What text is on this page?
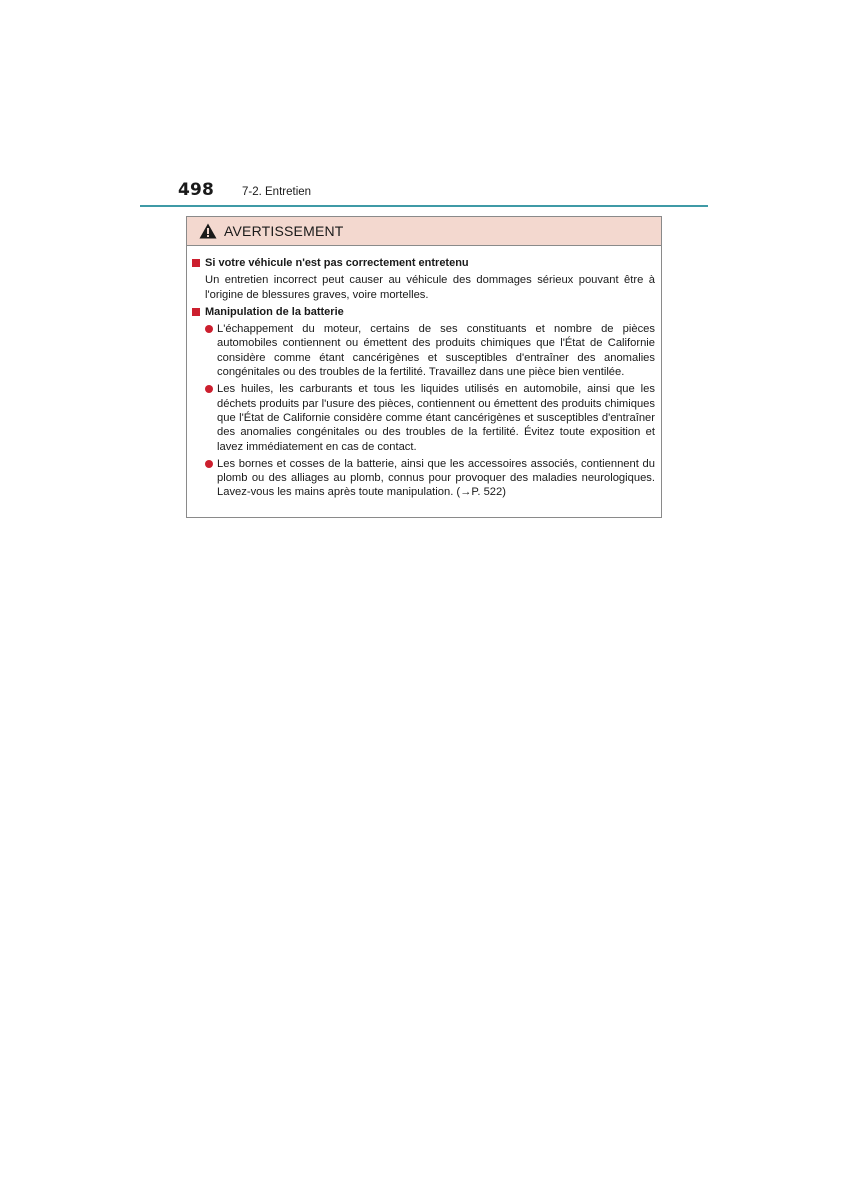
498 7-2. Entretien
AVERTISSEMENT
Si votre véhicule n'est pas correctement entretenu
Un entretien incorrect peut causer au véhicule des dommages sérieux pouvant être à l'origine de blessures graves, voire mortelles.
Manipulation de la batterie
L'échappement du moteur, certains de ses constituants et nombre de pièces automobiles contiennent ou émettent des produits chimiques que l'État de Californie considère comme étant cancérigènes et susceptibles d'entraîner des anomalies congénitales ou des troubles de la fertilité. Travaillez dans une pièce bien ventilée.
Les huiles, les carburants et tous les liquides utilisés en automobile, ainsi que les déchets produits par l'usure des pièces, contiennent ou émettent des produits chimiques que l'État de Californie considère comme étant cancérigènes et susceptibles d'entraîner des anomalies congénitales ou des troubles de la fertilité. Évitez toute exposition et lavez immédiatement en cas de contact.
Les bornes et cosses de la batterie, ainsi que les accessoires associés, contiennent du plomb ou des alliages au plomb, connus pour provoquer des maladies neurologiques. Lavez-vous les mains après toute manipulation. (→P. 522)
